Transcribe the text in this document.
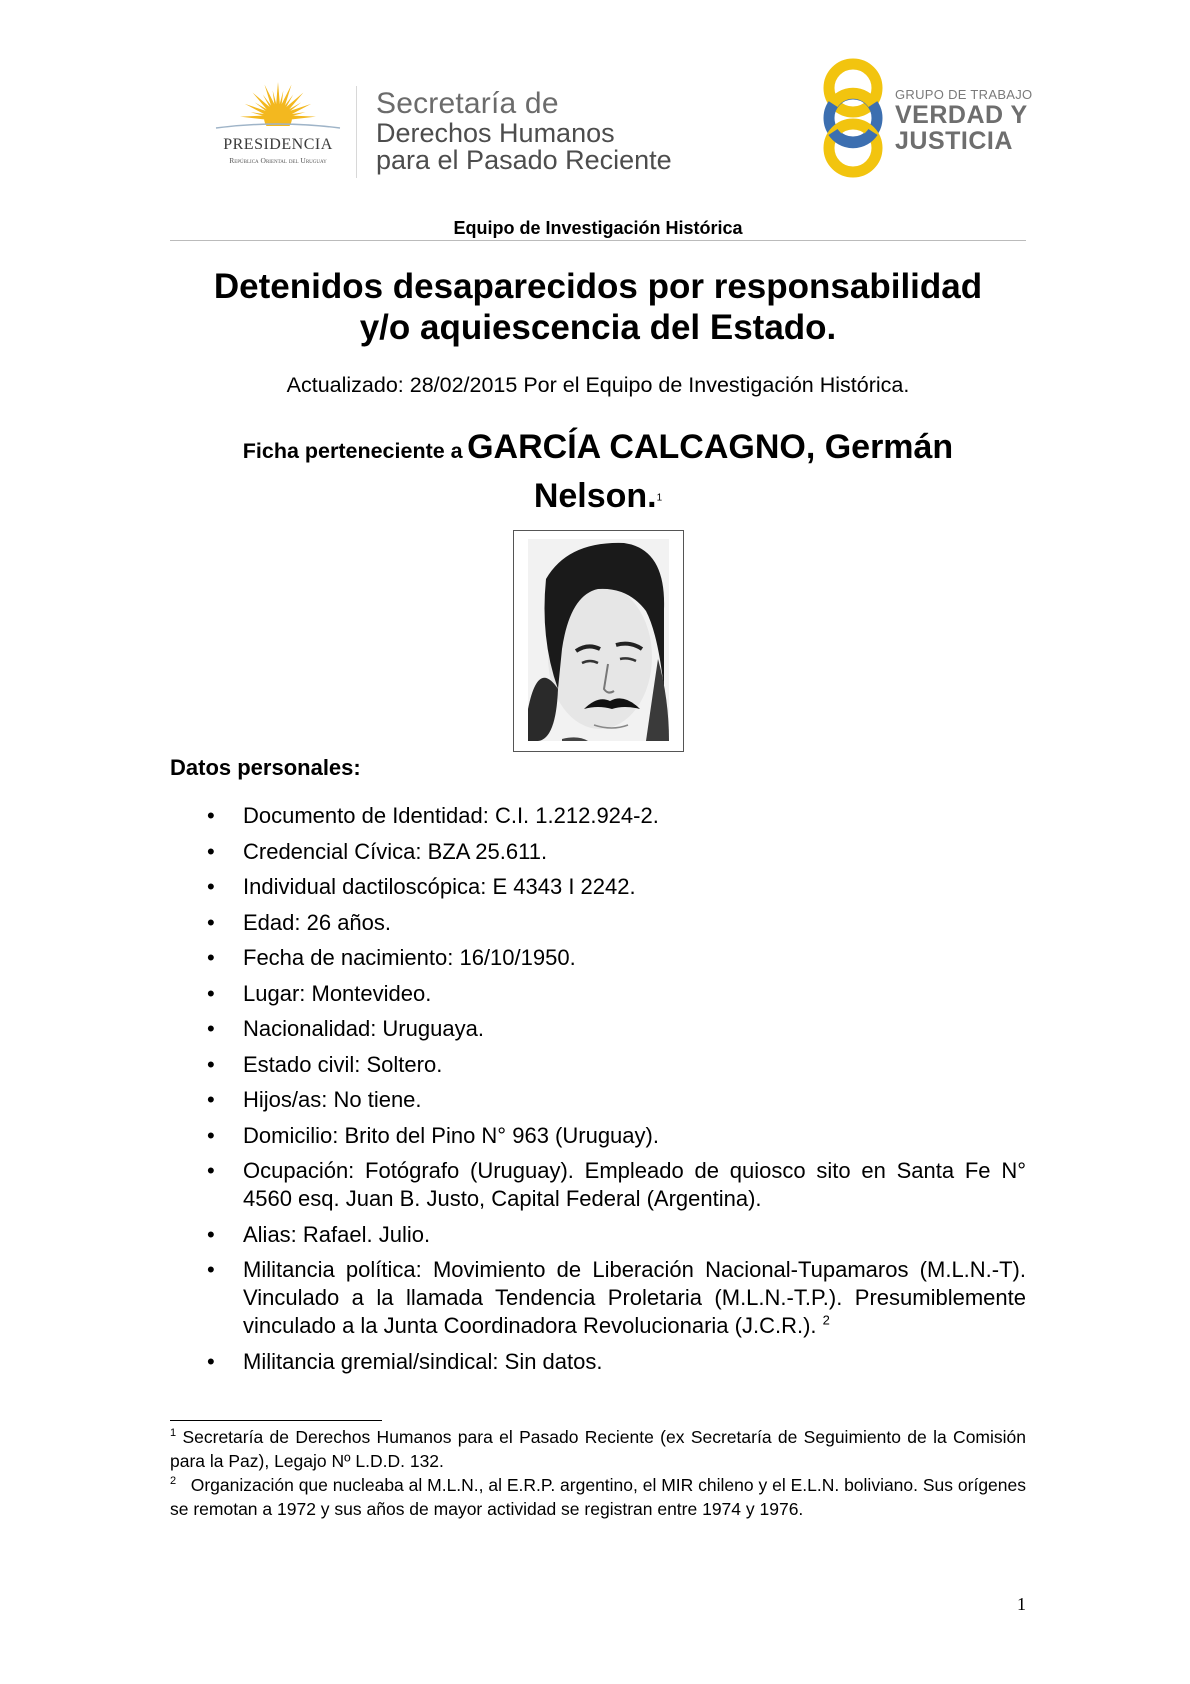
PRESIDENCIA
República Oriental del Uruguay
Secretaría de
Derechos Humanos
para el Pasado Reciente
GRUPO DE TRABAJO
VERDAD Y
JUSTICIA
Equipo de Investigación Histórica
Detenidos desaparecidos por responsabilidad
y/o aquiescencia del Estado.
Actualizado: 28/02/2015 Por el Equipo de Investigación Histórica.
Ficha perteneciente a GARCÍA CALCAGNO, Germán
Nelson.$^1$
Datos personales:
• Documento de Identidad: C.I. 1.212.924-2.
• Credencial Cívica: BZA 25.611.
• Individual dactiloscópica: E 4343 I 2242.
• Edad: 26 años.
• Fecha de nacimiento: 16/10/1950.
• Lugar: Montevideo.
• Nacionalidad: Uruguaya.
• Estado civil: Soltero.
• Hijos/as: No tiene.
• Domicilio: Brito del Pino N° 963 (Uruguay).
• Ocupación: Fotógrafo (Uruguay). Empleado de quiosco sito en Santa Fe N° 4560 esq. Juan B. Justo, Capital Federal (Argentina).
• Alias: Rafael. Julio.
• Militancia política: Movimiento de Liberación Nacional-Tupamaros (M.L.N.-T). Vinculado a la llamada Tendencia Proletaria (M.L.N.-T.P.). Presumiblemente vinculado a la Junta Coordinadora Revolucionaria (J.C.R.). $^2$
• Militancia gremial/sindical: Sin datos.

$^1$ Secretaría de Derechos Humanos para el Pasado Reciente (ex Secretaría de Seguimiento de la Comisión para la Paz), Legajo Nº L.D.D. 132.

$^2$ Organización que nucleaba al M.L.N., al E.R.P. argentino, el MIR chileno y el E.L.N. boliviano. Sus orígenes se remotan a 1972 y sus años de mayor actividad se registran entre 1974 y 1976.

1
